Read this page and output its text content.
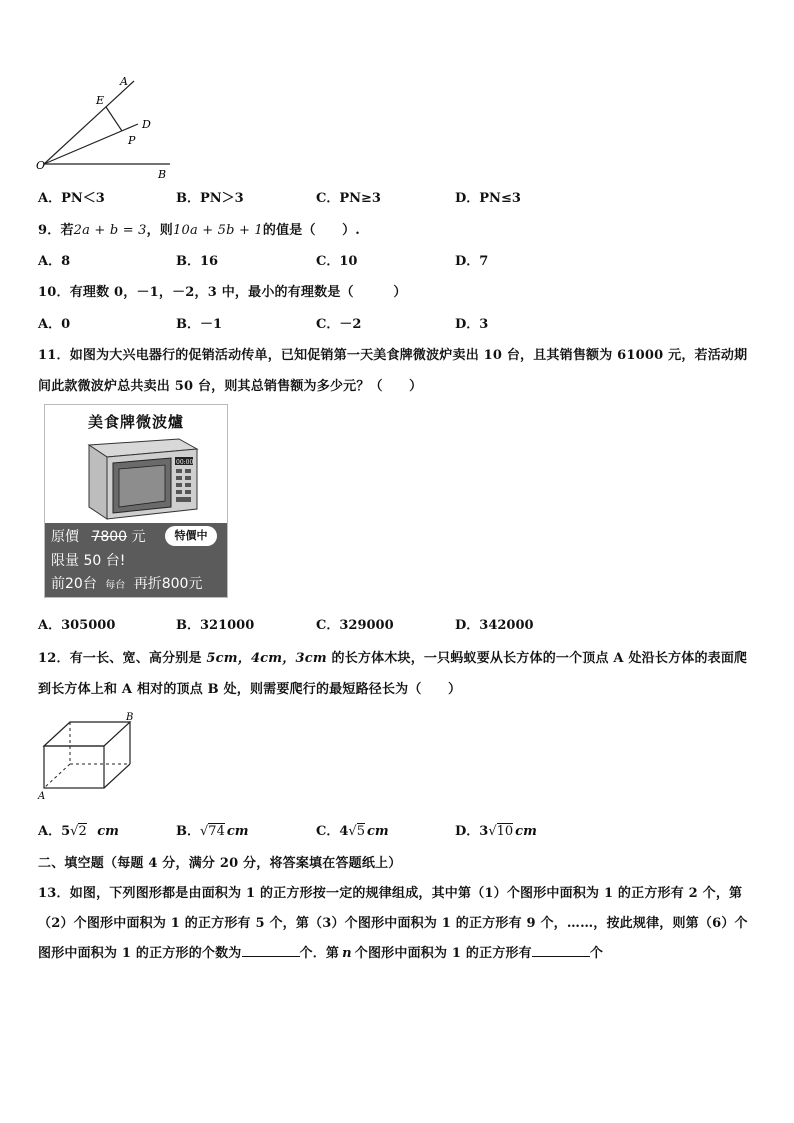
A
E
D
P
O
B
A．PN＜3	B．PN＞3	C．PN≥3	D．PN≤3
9．若2a + b = 3，则10a + 5b + 1的值是（　　）.
A．8	B．16	C．10	D．7
10．有理数 0，－1，－2，3 中，最小的有理数是（　　　）
A．0	B．－1	C．－2	D．3
11．如图为大兴电器行的促销活动传单，已知促销第一天美食牌微波炉卖出 10 台，且其销售额为 61000 元，若活动期
间此款微波炉总共卖出 50 台，则其总销售额为多少元？（　　）
美食牌微波爐
00:00
原價 7800 元	特價中
限量 50 台!
前20台 每台 再折800元
A．305000	B．321000	C．329000	D．342000
12．有一长、宽、高分别是 5cm，4cm，3cm 的长方体木块，一只蚂蚁要从长方体的一个顶点 A 处沿长方体的表面爬
到长方体上和 A 相对的顶点 B 处，则需要爬行的最短路径长为（　　）
B
A
A．5√2 cm	B．√74 cm	C．4√5 cm	D．3√10 cm
二、填空题（每题 4 分，满分 20 分，将答案填在答题纸上）
13．如图，下列图形都是由面积为 1 的正方形按一定的规律组成，其中第（1）个图形中面积为 1 的正方形有 2 个，第
（2）个图形中面积为 1 的正方形有 5 个，第（3）个图形中面积为 1 的正方形有 9 个，……，按此规律，则第（6）个
图形中面积为 1 的正方形的个数为	个．第 n 个图形中面积为 1 的正方形有	个
